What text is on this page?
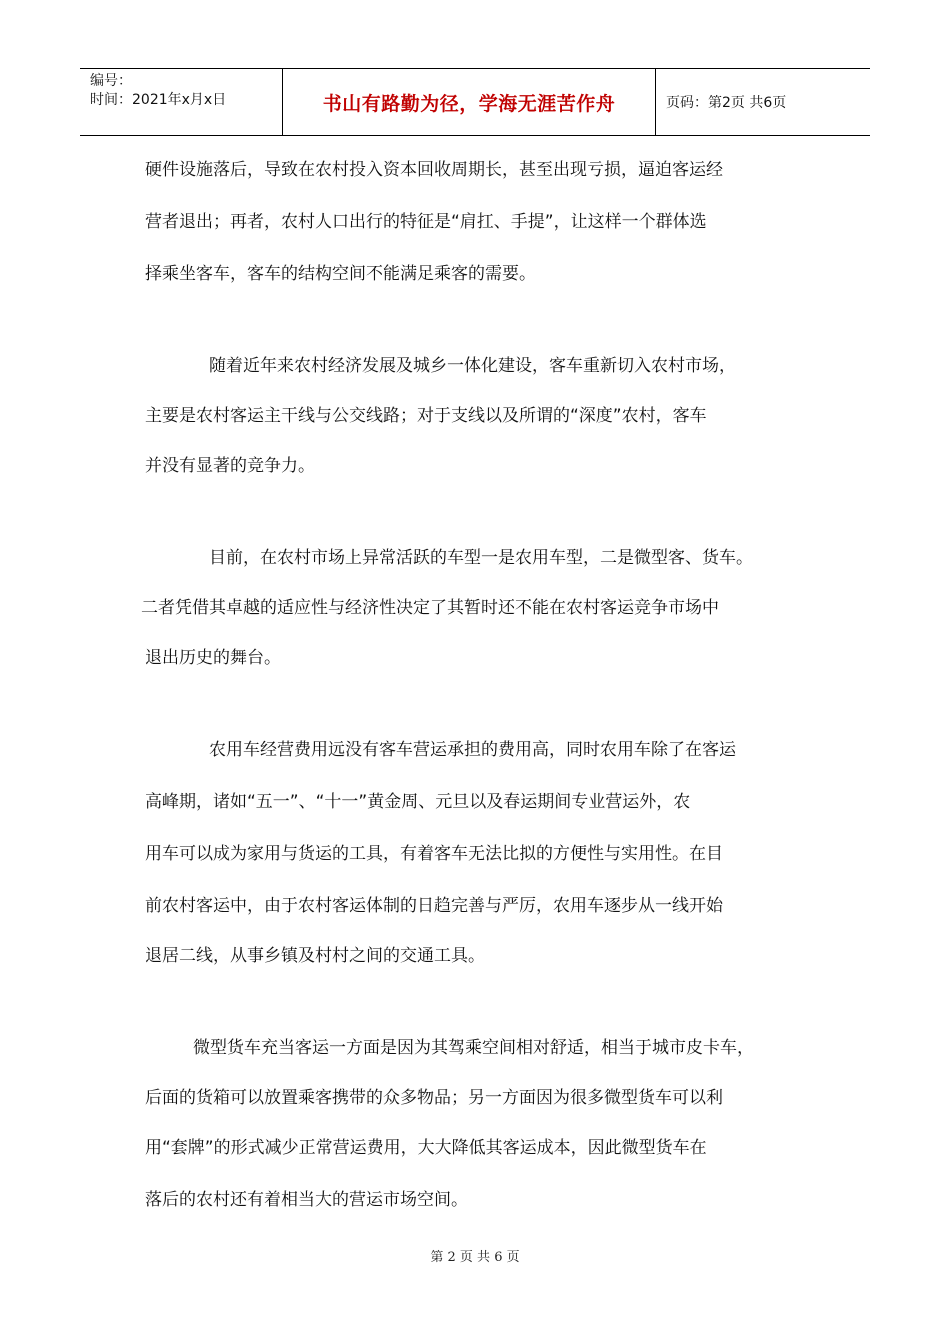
编号：
时间：2021年x月x日	书山有路勤为径，学海无涯苦作舟	页码：第2页 共6页
硬件设施落后，导致在农村投入资本回收周期长，甚至出现亏损，逼迫客运经
营者退出；再者，农村人口出行的特征是“肩扛、手提”，让这样一个群体选
择乘坐客车，客车的结构空间不能满足乘客的需要。
随着近年来农村经济发展及城乡一体化建设，客车重新切入农村市场，
主要是农村客运主干线与公交线路；对于支线以及所谓的“深度”农村，客车
并没有显著的竞争力。
目前，在农村市场上异常活跃的车型一是农用车型，二是微型客、货车。
二者凭借其卓越的适应性与经济性决定了其暂时还不能在农村客运竞争市场中
退出历史的舞台。
农用车经营费用远没有客车营运承担的费用高，同时农用车除了在客运
高峰期，诸如“五一”、“十一”黄金周、元旦以及春运期间专业营运外，农
用车可以成为家用与货运的工具，有着客车无法比拟的方便性与实用性。在目
前农村客运中，由于农村客运体制的日趋完善与严厉，农用车逐步从一线开始
退居二线，从事乡镇及村村之间的交通工具。
微型货车充当客运一方面是因为其驾乘空间相对舒适，相当于城市皮卡车，
后面的货箱可以放置乘客携带的众多物品；另一方面因为很多微型货车可以利
用“套牌”的形式减少正常营运费用，大大降低其客运成本，因此微型货车在
落后的农村还有着相当大的营运市场空间。
第 2 页 共 6 页
